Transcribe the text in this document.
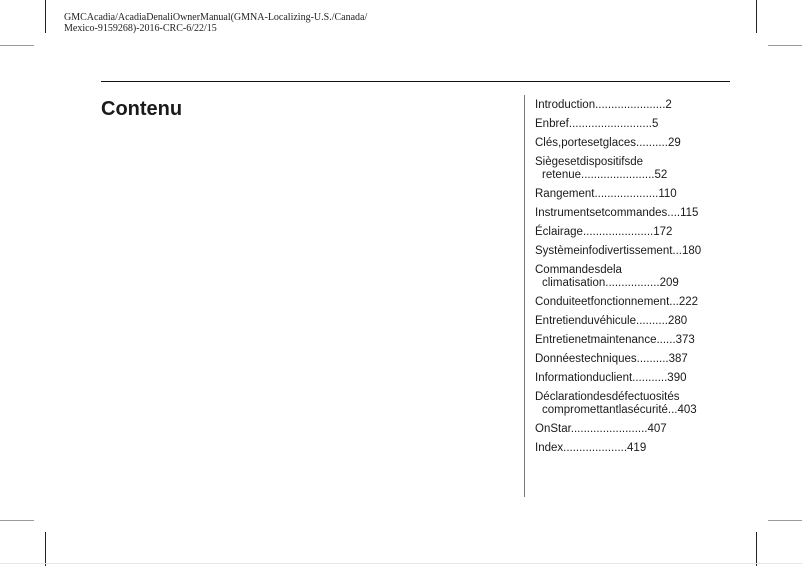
GMCAcadia/AcadiaDenaliOwnerManual(GMNA-Localizing-U.S./Canada/
Mexico-9159268)-2016-CRC-6/22/15
Contenu	Introduction......................2
Enbref..........................5
Clés,portesetglaces..........29
Siègesetdispositifsde
retenue.......................52
Rangement....................110
Instrumentsetcommandes....115
Éclairage......................172
Systèmeinfodivertissement...180
Commandesdela
climatisation.................209
Conduiteetfonctionnement...222
Entretienduvéhicule..........280
Entretienetmaintenance......373
Donnéestechniques..........387
Informationduclient...........390
Déclarationdesdéfectuosités
compromettantlasécurité...403
OnStar........................407
Index....................419
